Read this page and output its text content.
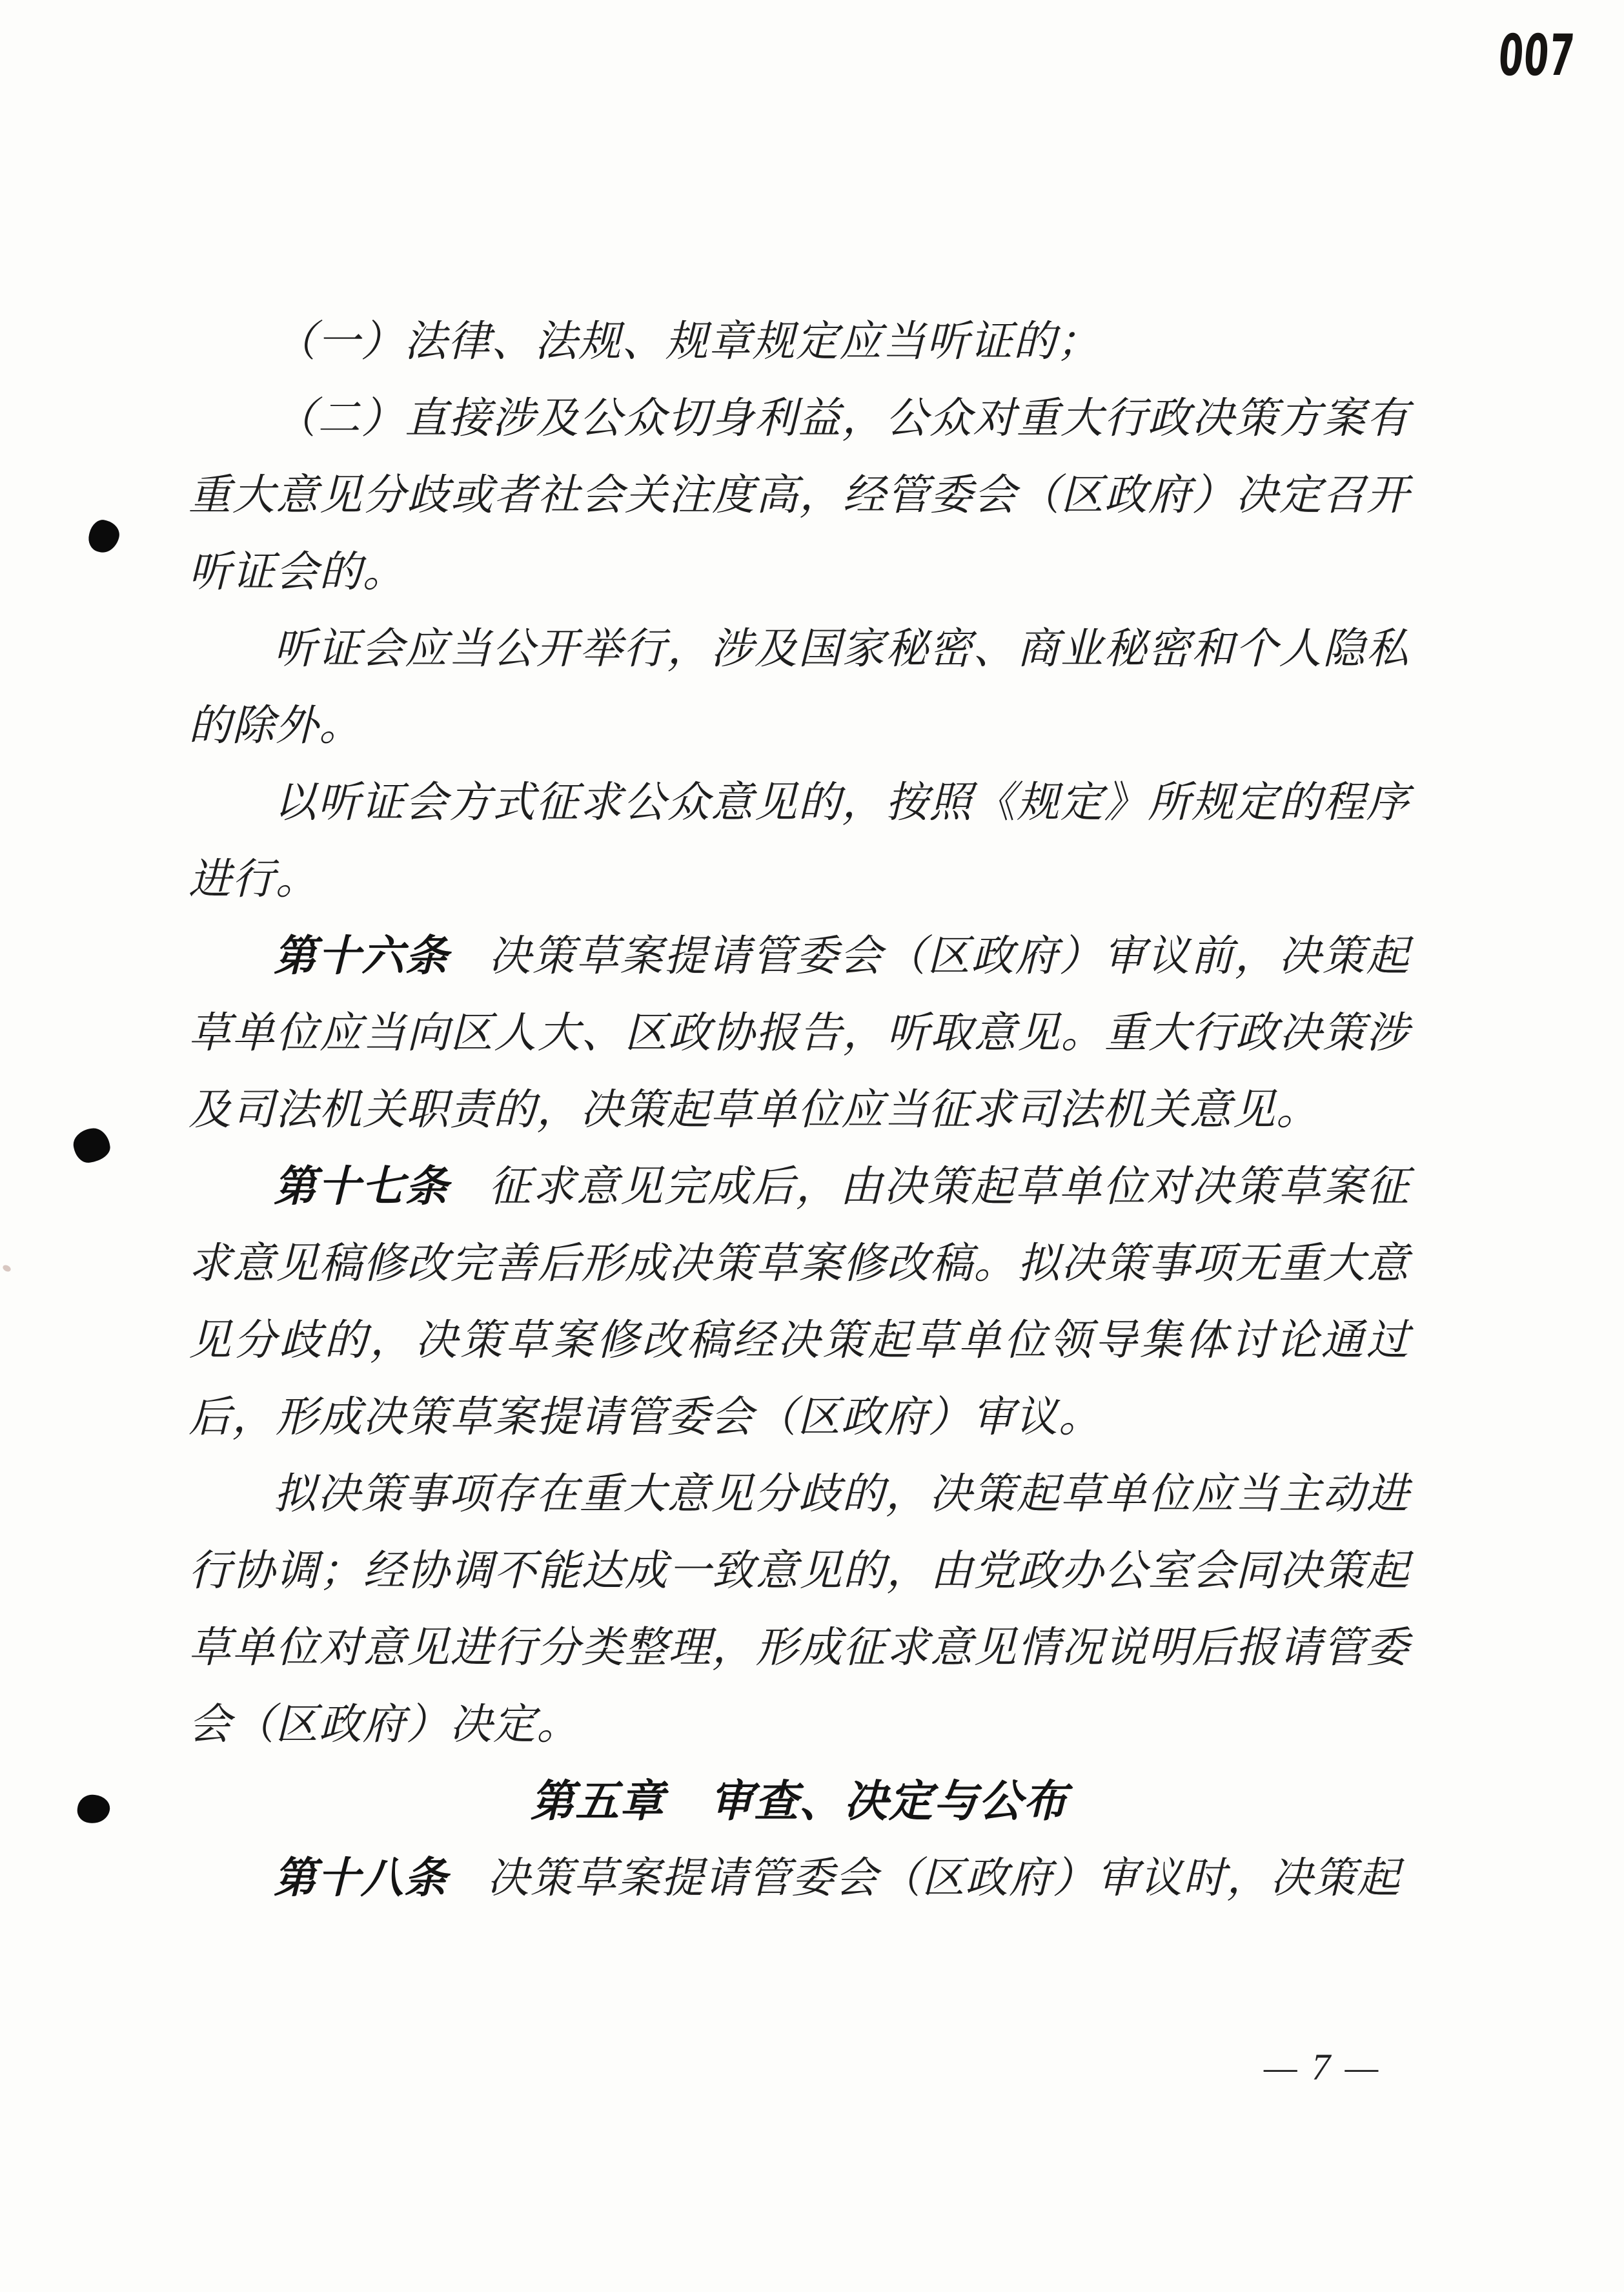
007

（一）法律、法规、规章规定应当听证的；

（二）直接涉及公众切身利益，公众对重大行政决策方案有重大意见分歧或者社会关注度高，经管委会（区政府）决定召开听证会的。

听证会应当公开举行，涉及国家秘密、商业秘密和个人隐私的除外。

以听证会方式征求公众意见的，按照《规定》所规定的程序进行。

第十六条 决策草案提请管委会（区政府）审议前，决策起草单位应当向区人大、区政协报告，听取意见。重大行政决策涉及司法机关职责的，决策起草单位应当征求司法机关意见。

第十七条 征求意见完成后，由决策起草单位对决策草案征求意见稿修改完善后形成决策草案修改稿。拟决策事项无重大意见分歧的，决策草案修改稿经决策起草单位领导集体讨论通过后，形成决策草案提请管委会（区政府）审议。

拟决策事项存在重大意见分歧的，决策起草单位应当主动进行协调；经协调不能达成一致意见的，由党政办公室会同决策起草单位对意见进行分类整理，形成征求意见情况说明后报请管委会（区政府）决定。

第五章　审查、决定与公布

第十八条 决策草案提请管委会（区政府）审议时，决策起

— 7 —
